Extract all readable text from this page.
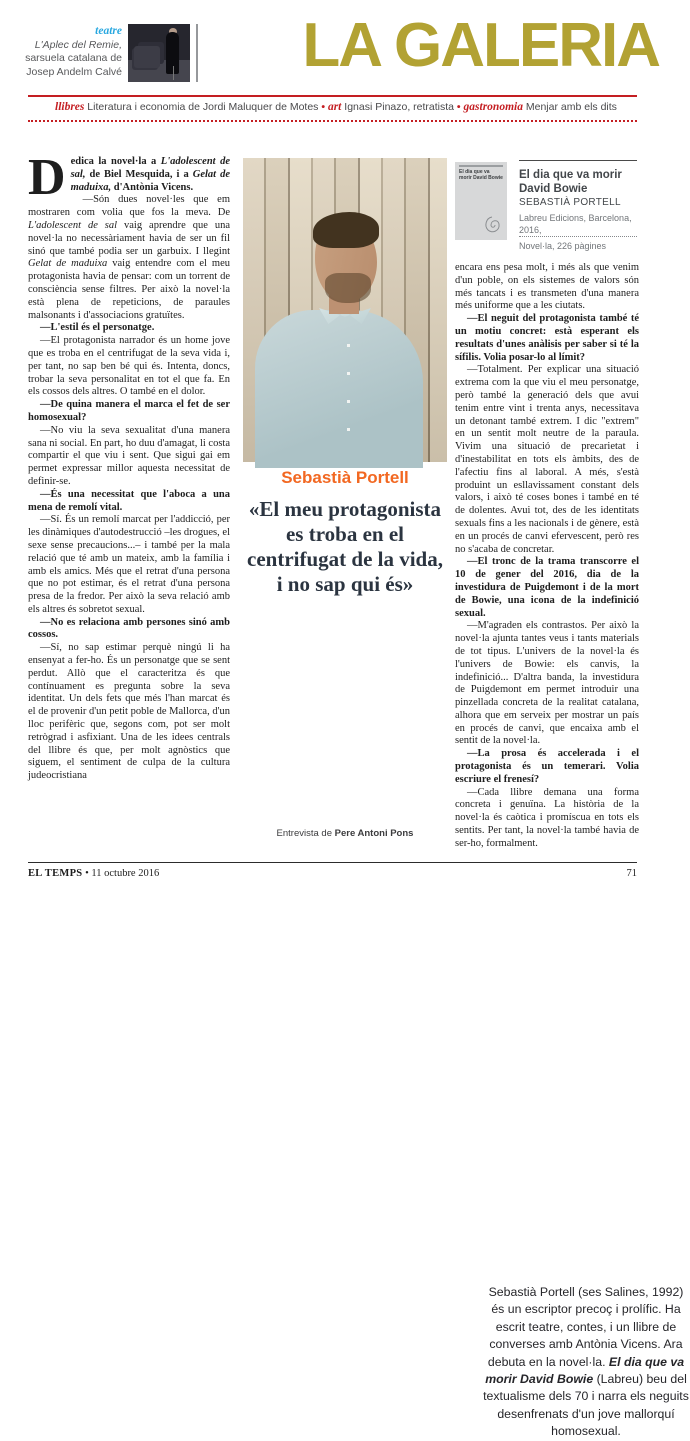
teatre
L'Aplec del Remie,
sarsuela catalana de
Josep Andelm Calvé	LA GALERIA
llibres Literatura i economia de Jordi Maluquer de Motes • art Ignasi Pinazo, retratista • gastronomia Menjar amb els dits

Dedica la novel·la a L'adolescent de sal, de Biel Mesquida, i a Gelat de maduixa, d'Antònia Vicens.

—Són dues novel·les que em mostraren com volia que fos la meva. De L'adolescent de sal vaig aprendre que una novel·la no necessàriament havia de ser un fil sinó que també podia ser un garbuix. I llegint Gelat de maduixa vaig entendre com el meu protagonista havia de pensar: com un torrent de consciència sense filtres. Per això la novel·la està plena de repeticions, de paraules malsonants i d'associacions gratuïtes.

—L'estil és el personatge.

—El protagonista narrador és un home jove que es troba en el centrifugat de la seva vida i, per tant, no sap ben bé qui és. Intenta, doncs, trobar la seva personalitat en tot el que fa. En els cossos dels altres. O també en el dolor.

—De quina manera el marca el fet de ser homosexual?

—No viu la seva sexualitat d'una manera sana ni social. En part, ho duu d'amagat, li costa compartir el que viu i sent. Que sigui gai em permet expressar millor aquesta necessitat de definir-se.

—És una necessitat que l'aboca a una mena de remolí vital.

—Sí. És un remolí marcat per l'addicció, per les dinàmiques d'autodestrucció –les drogues, el sexe sense precaucions...– i també per la mala relació que té amb un mateix, amb la família i amb els amics. Més que el retrat d'una persona que no pot estimar, és el retrat d'una persona presa de la fredor. Per això la seva relació amb els altres és sobretot sexual.

—No es relaciona amb persones sinó amb cossos.

—Sí, no sap estimar perquè ningú li ha ensenyat a fer-ho. És un personatge que se sent perdut. Allò que el caracteritza és que contínuament es pregunta sobre la seva identitat. Un dels fets que més l'han marcat és el de provenir d'un petit poble de Mallorca, d'un lloc perifèric que, segons com, pot ser molt retrògrad i asfixiant. Una de les idees centrals del llibre és que, per molt agnòstics que siguem, el sentiment de culpa de la cultura judeocristiana

Sebastià Portell
«El meu protagonista es troba en el centrifugat de la vida, i no sap qui és»

Sebastià Portell (ses Salines, 1992) és un escriptor precoç i prolífic. Ha escrit teatre, contes, i un llibre de converses amb Antònia Vicens. Ara debuta en la novel·la. El dia que va morir David Bowie (Labreu) beu del textualisme dels 70 i narra els neguits desenfrenats d'un jove mallorquí homosexual.

Entrevista de Pere Antoni Pons
El dia que va morir David Bowie El dia que va morir
David Bowie
SEBASTIÀ PORTELL
Labreu Edicions, Barcelona, 2016,
Novel·la, 226 pàgines

encara ens pesa molt, i més als que venim d'un poble, on els sistemes de valors són més tancats i es transmeten d'una manera més uniforme que a les ciutats.

—El neguit del protagonista també té un motiu concret: està esperant els resultats d'unes anàlisis per saber si té la sífilis. Volia posar-lo al límit?

—Totalment. Per explicar una situació extrema com la que viu el meu personatge, però també la generació dels que avui tenim entre vint i trenta anys, necessitava un detonant també extrem. I dic "extrem" en un sentit molt neutre de la paraula. Vivim una situació de precarietat i d'inestabilitat en tots els àmbits, des de l'afectiu fins al laboral. A més, s'està produint un esllavissament constant dels valors, i això té coses bones i també en té de dolentes. Avui tot, des de les identitats sexuals fins a les nacionals i de gènere, està en un procés de canvi efervescent, però res no s'acaba de concretar.

—El tronc de la trama transcorre el 10 de gener del 2016, dia de la investidura de Puigdemont i de la mort de Bowie, una icona de la indefinició sexual.

—M'agraden els contrastos. Per això la novel·la ajunta tantes veus i tants materials de tot tipus. L'univers de la novel·la és l'univers de Bowie: els canvis, la indefinició... D'altra banda, la investidura de Puigdemont em permet introduir una pinzellada concreta de la realitat catalana, alhora que em serveix per mostrar un país en procés de canvi, que encaixa amb el sentit de la novel·la.

—La prosa és accelerada i el protagonista és un temerari. Volia escriure el frenesí?

—Cada llibre demana una forma concreta i genuïna. La història de la novel·la és caòtica i promíscua en tots els sentits. Per tant, la novel·la també havia de ser-ho, formalment.

EL TEMPS • 11 octubre 2016	71
